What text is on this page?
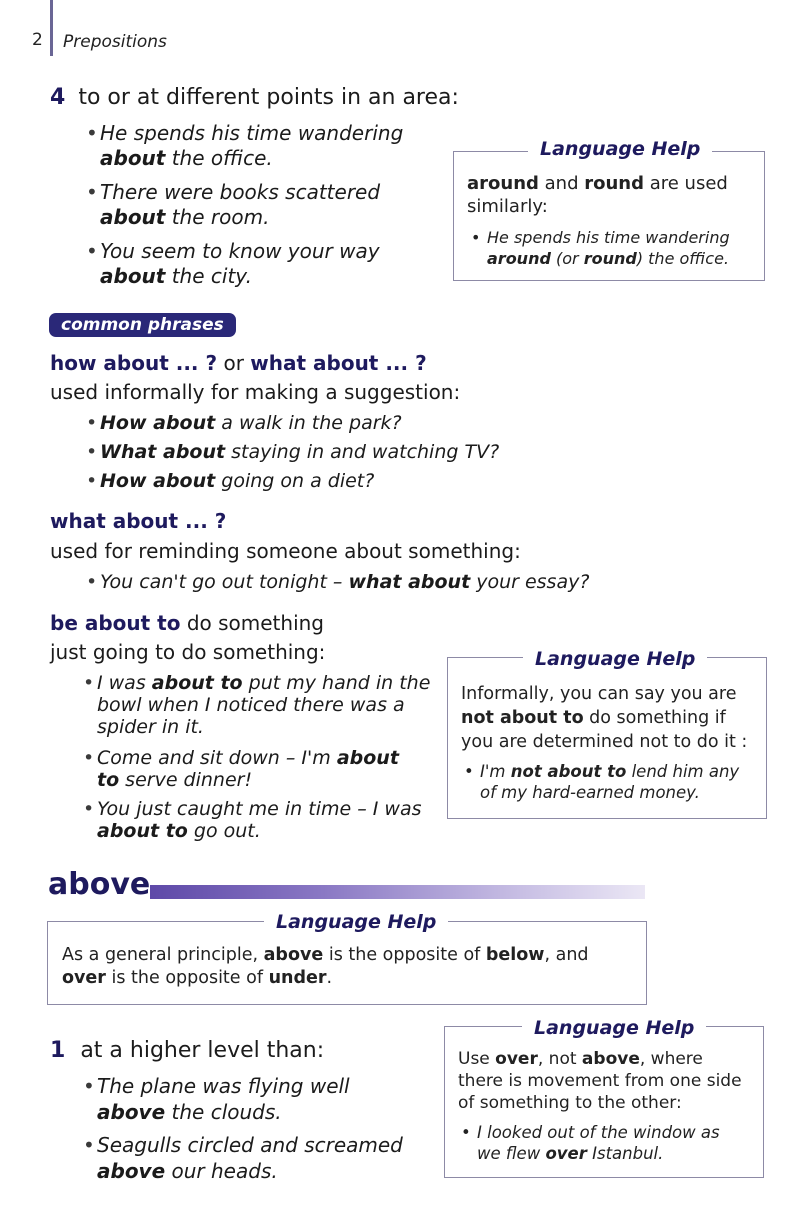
2 Prepositions
4 to or at different points in an area:
• He spends his time wandering
about the office.
• There were books scattered
about the room.
• You seem to know your way
about the city.
Language Help
around and round are used
similarly:
• He spends his time wandering
around (or round) the office.
common phrases
how about ... ? or what about ... ?
used informally for making a suggestion:
• How about a walk in the park?
• What about staying in and watching TV?
• How about going on a diet?
what about ... ?
used for reminding someone about something:
• You can't go out tonight – what about your essay?
be about to do something
just going to do something:
• I was about to put my hand in the
bowl when I noticed there was a
spider in it.
• Come and sit down – I'm about
to serve dinner!
• You just caught me in time – I was
about to go out.
Language Help
Informally, you can say you are
not about to do something if
you are determined not to do it :
• I'm not about to lend him any
of my hard-earned money.
above
Language Help
As a general principle, above is the opposite of below, and
over is the opposite of under.
1 at a higher level than:
• The plane was flying well
above the clouds.
• Seagulls circled and screamed
above our heads.
Language Help
Use over, not above, where
there is movement from one side
of something to the other:
• I looked out of the window as
we flew over Istanbul.
